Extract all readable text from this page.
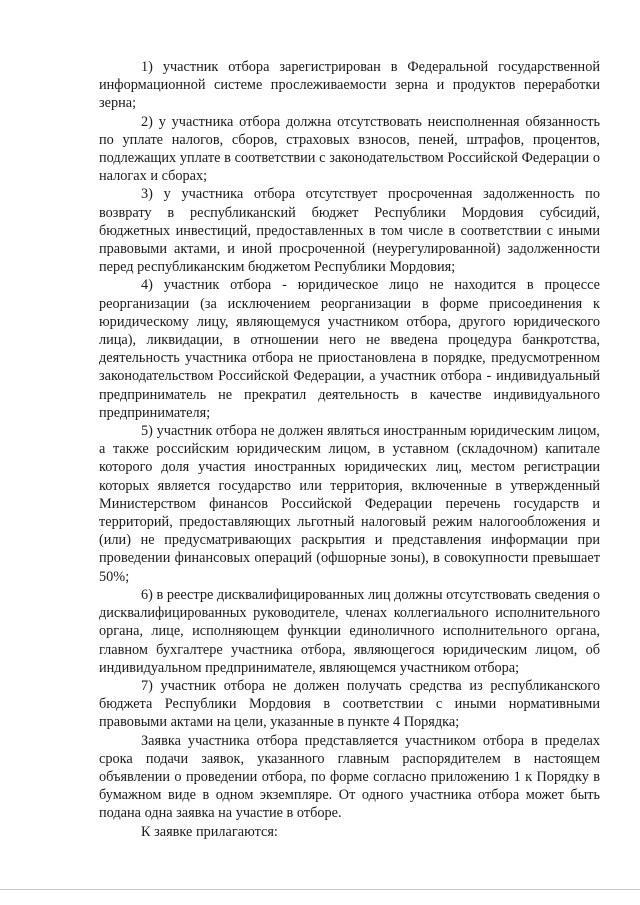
1) участник отбора зарегистрирован в Федеральной государственной информационной системе прослеживаемости зерна и продуктов переработки зерна;

2) у участника отбора должна отсутствовать неисполненная обязанность по уплате налогов, сборов, страховых взносов, пеней, штрафов, процентов, подлежащих уплате в соответствии с законодательством Российской Федерации о налогах и сборах;

3) у участника отбора отсутствует просроченная задолженность по возврату в республиканский бюджет Республики Мордовия субсидий, бюджетных инвестиций, предоставленных в том числе в соответствии с иными правовыми актами, и иной просроченной (неурегулированной) задолженности перед республиканским бюджетом Республики Мордовия;

4) участник отбора - юридическое лицо не находится в процессе реорганизации (за исключением реорганизации в форме присоединения к юридическому лицу, являющемуся участником отбора, другого юридического лица), ликвидации, в отношении него не введена процедура банкротства, деятельность участника отбора не приостановлена в порядке, предусмотренном законодательством Российской Федерации, а участник отбора - индивидуальный предприниматель не прекратил деятельность в качестве индивидуального предпринимателя;

5) участник отбора не должен являться иностранным юридическим лицом, а также российским юридическим лицом, в уставном (складочном) капитале которого доля участия иностранных юридических лиц, местом регистрации которых является государство или территория, включенные в утвержденный Министерством финансов Российской Федерации перечень государств и территорий, предоставляющих льготный налоговый режим налогообложения и (или) не предусматривающих раскрытия и представления информации при проведении финансовых операций (офшорные зоны), в совокупности превышает 50%;

6) в реестре дисквалифицированных лиц должны отсутствовать сведения о дисквалифицированных руководителе, членах коллегиального исполнительного органа, лице, исполняющем функции единоличного исполнительного органа, главном бухгалтере участника отбора, являющегося юридическим лицом, об индивидуальном предпринимателе, являющемся участником отбора;

7) участник отбора не должен получать средства из республиканского бюджета Республики Мордовия в соответствии с иными нормативными правовыми актами на цели, указанные в пункте 4 Порядка;

Заявка участника отбора представляется участником отбора в пределах срока подачи заявок, указанного главным распорядителем в настоящем объявлении о проведении отбора, по форме согласно приложению 1 к Порядку в бумажном виде в одном экземпляре. От одного участника отбора может быть подана одна заявка на участие в отборе.

К заявке прилагаются:
